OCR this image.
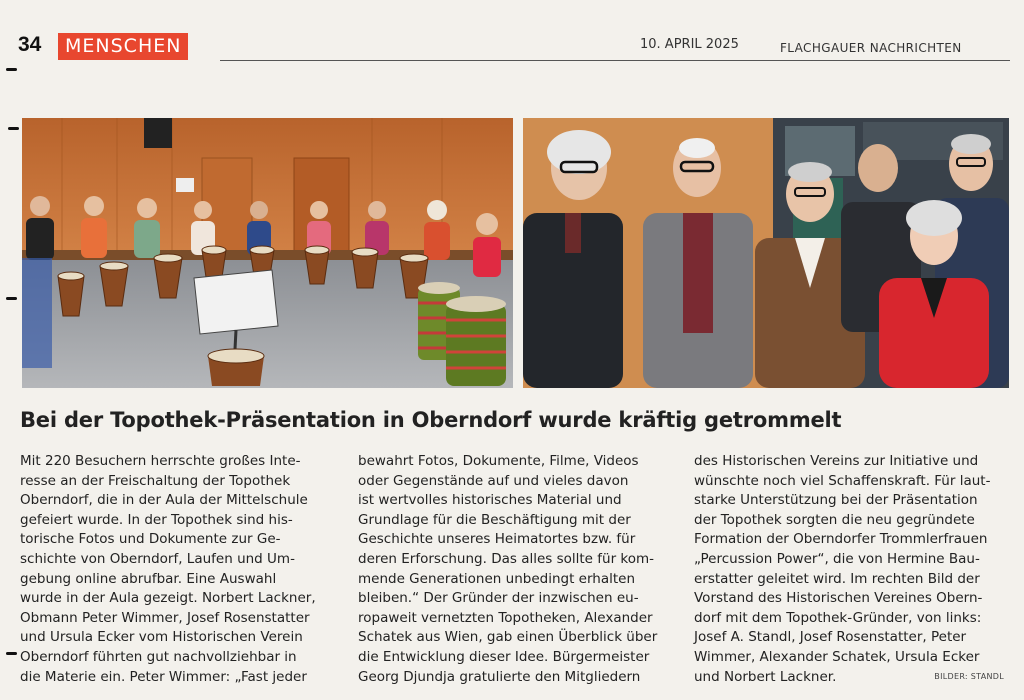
34	MENSCHEN	10. APRIL 2025	FLACHGAUER NACHRICHTEN
Bei der Topothek-Präsentation in Oberndorf wurde kräftig getrommelt
Mit 220 Besuchern herrschte großes Inte-
resse an der Freischaltung der Topothek
Oberndorf, die in der Aula der Mittelschule
gefeiert wurde. In der Topothek sind his-
torische Fotos und Dokumente zur Ge-
schichte von Oberndorf, Laufen und Um-
gebung online abrufbar. Eine Auswahl
wurde in der Aula gezeigt. Norbert Lackner,
Obmann Peter Wimmer, Josef Rosenstatter
und Ursula Ecker vom Historischen Verein
Oberndorf führten gut nachvollziehbar in
die Materie ein. Peter Wimmer: „Fast jeder
bewahrt Fotos, Dokumente, Filme, Videos
oder Gegenstände auf und vieles davon
ist wertvolles historisches Material und
Grundlage für die Beschäftigung mit der
Geschichte unseres Heimatortes bzw. für
deren Erforschung. Das alles sollte für kom-
mende Generationen unbedingt erhalten
bleiben.“ Der Gründer der inzwischen eu-
ropaweit vernetzten Topotheken, Alexander
Schatek aus Wien, gab einen Überblick über
die Entwicklung dieser Idee. Bürgermeister
Georg Djundja gratulierte den Mitgliedern
des Historischen Vereins zur Initiative und
wünschte noch viel Schaffenskraft. Für laut-
starke Unterstützung bei der Präsentation
der Topothek sorgten die neu gegründete
Formation der Oberndorfer Trommlerfrauen
„Percussion Power“, die von Hermine Bau-
erstatter geleitet wird. Im rechten Bild der
Vorstand des Historischen Vereines Obern-
dorf mit dem Topothek-Gründer, von links:
Josef A. Standl, Josef Rosenstatter, Peter
Wimmer, Alexander Schatek, Ursula Ecker
und Norbert Lackner.	BILDER: STANDL
